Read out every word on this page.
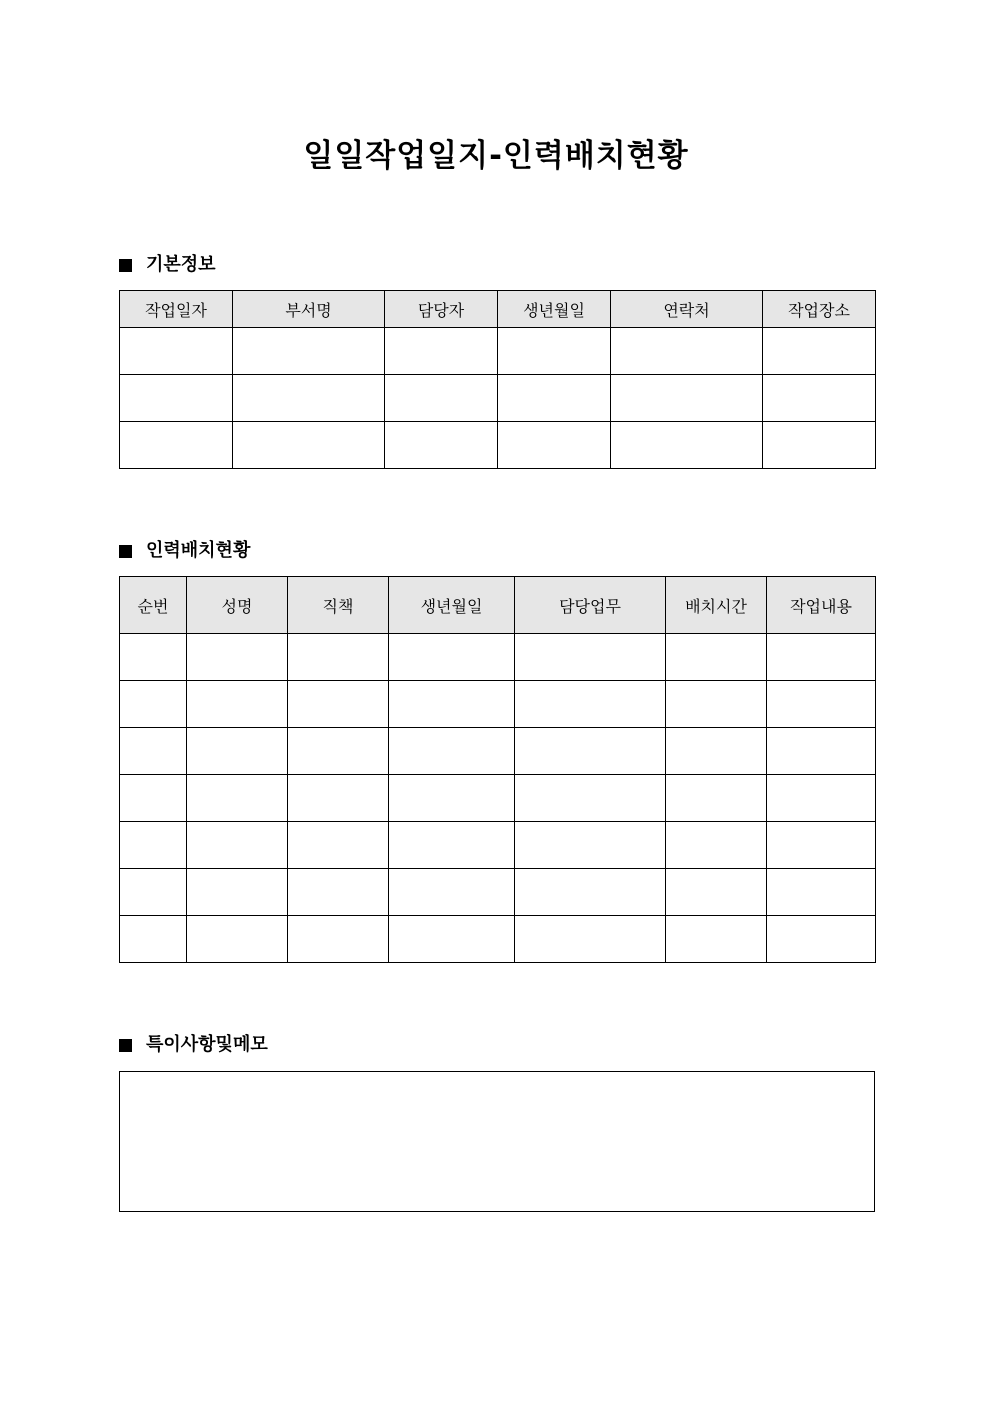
일일작업일지-인력배치현황
기본정보
작업일자	부서명	담당자	생년월일	연락처	작업장소

인력배치현황
순번	성명	직책	생년월일	담당업무	배치시간	작업내용

특이사항및메모
